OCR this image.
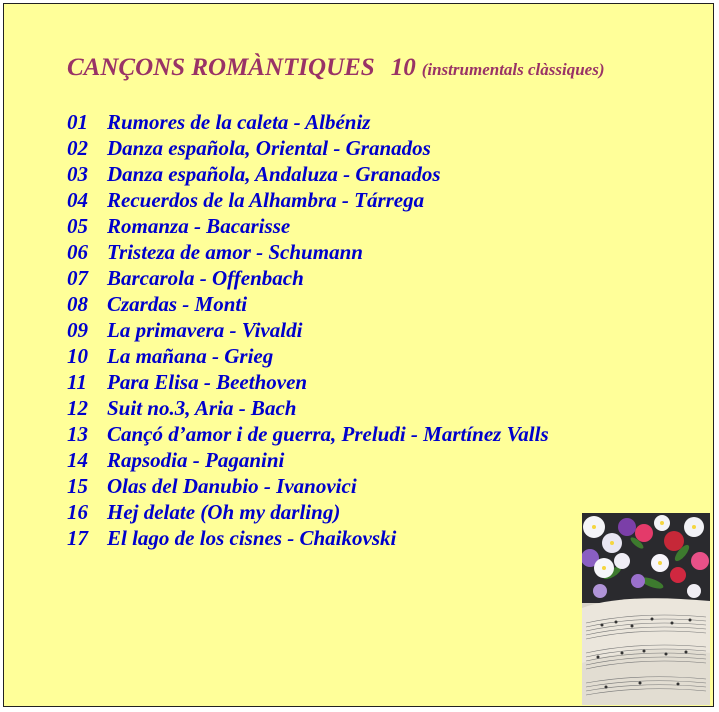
CANÇONS ROMÀNTIQUES 10 (instrumentals clàssiques)
01 Rumores de la caleta - Albéniz
02 Danza española, Oriental - Granados
03 Danza española, Andaluza - Granados
04 Recuerdos de la Alhambra - Tárrega
05 Romanza - Bacarisse
06 Tristeza de amor - Schumann
07 Barcarola - Offenbach
08 Czardas - Monti
09 La primavera - Vivaldi
10 La mañana - Grieg
11 Para Elisa - Beethoven
12 Suit no.3, Aria - Bach
13 Cançó d’amor i de guerra, Preludi - Martínez Valls
14 Rapsodia - Paganini
15 Olas del Danubio - Ivanovici
16 Hej delate (Oh my darling)
17 El lago de los cisnes - Chaikovski
